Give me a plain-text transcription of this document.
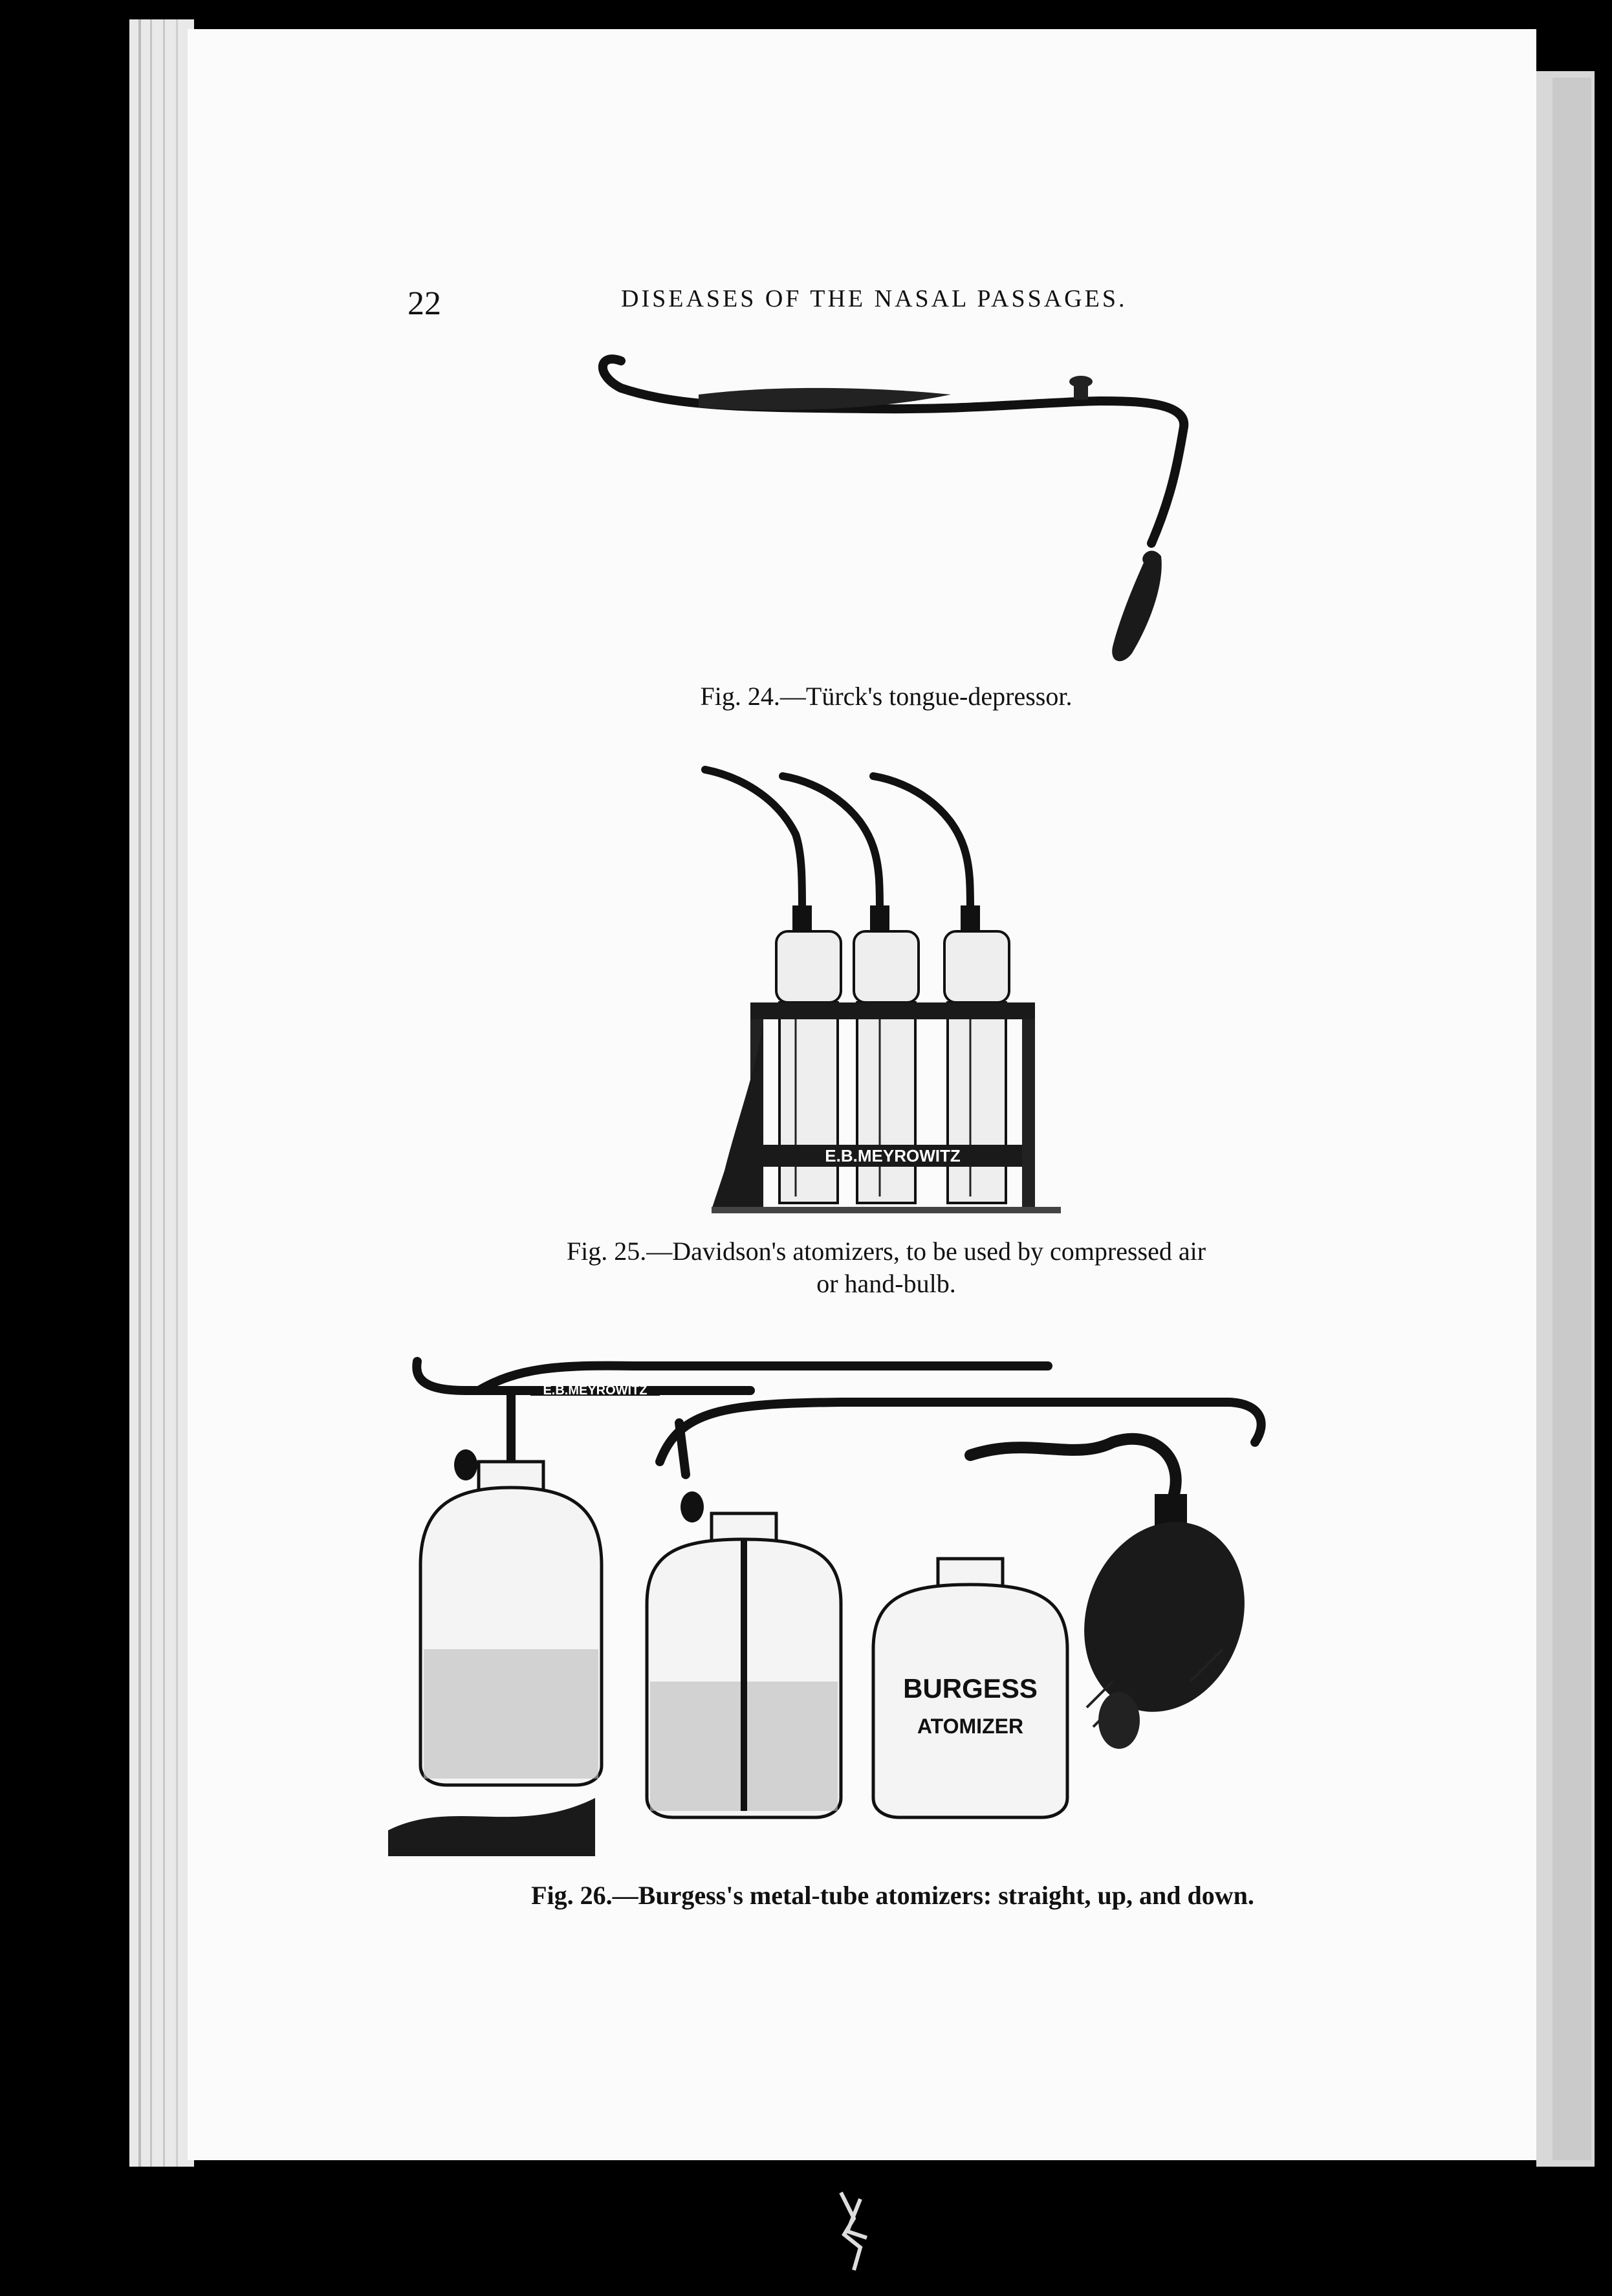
22	DISEASES OF THE NASAL PASSAGES.
Fig. 24.—Türck's tongue-depressor.
E.B.MEYROWITZ
Fig. 25.—Davidson's atomizers, to be used by compressed air
or hand-bulb.
E.B.MEYROWITZ
BURGESS
ATOMIZER
Fig. 26.—Burgess's metal-tube atomizers: straight, up, and down.
